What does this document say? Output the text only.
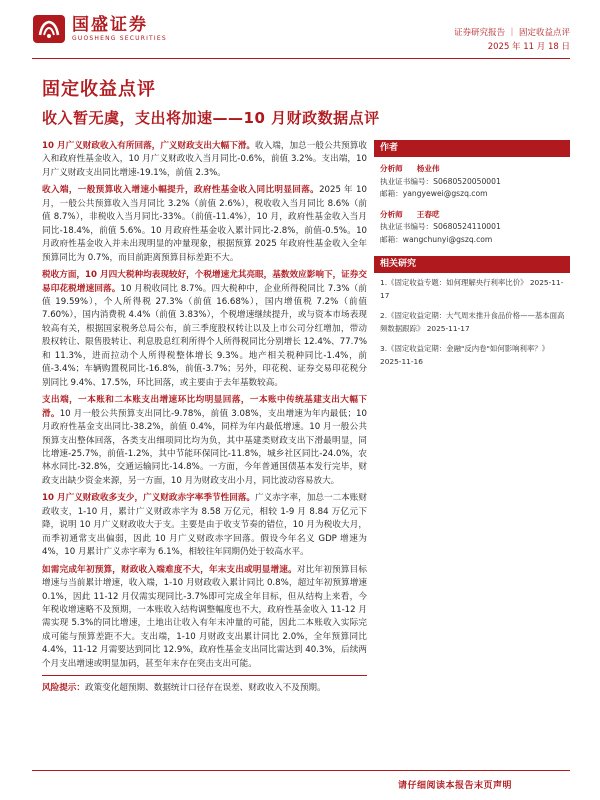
国盛证券
GUOSHENG SECURITIES	证券研究报告 ｜ 固定收益点评
2025 年 11 月 18 日
固定收益点评
收入暂无虞，支出将加速——10 月财政数据点评

10 月广义财政收入有所回落，广义财政支出大幅下滑。收入端，加总一般公共预算收入和政府性基金收入，10 月广义财政收入当月同比-0.6%，前值 3.2%。支出端，10 月广义财政支出同比增速-19.1%，前值 2.3%。

收入端，一般预算收入增速小幅提升，政府性基金收入同比明显回落。2025 年 10 月，一般公共预算收入当月同比 3.2%（前值 2.6%），税收收入当月同比 8.6%（前值 8.7%），非税收入当月同比-33%。（前值-11.4%），10 月，政府性基金收入当月同比-18.4%，前值 5.6%。10 月政府性基金收入累计同比-2.8%，前值-0.5%。10 月政府性基金收入并未出现明显的冲量现象，根据预算 2025 年政府性基金收入全年预算同比为 0.7%，而目前距离预算目标差距不大。

税收方面，10 月四大税种均表现较好，个税增速尤其亮眼，基数效应影响下，证券交易印花税增速回落。10 月税收同比 8.7%。四大税种中，企业所得税同比 7.3%（前值 19.59%），个人所得税 27.3%（前值 16.68%），国内增值税 7.2%（前值 7.60%），国内消费税 4.4%（前值 3.83%），个税增速继续提升，或与资本市场表现较高有关，根据国家税务总局公布，前三季度股权转让以及上市公司分红增加，带动股权转让、限售股转让、利息股息红利所得个人所得税同比分别增长 12.4%、77.7%和 11.3%，进而拉动个人所得税整体增长 9.3%。地产相关税种同比-1.4%，前值-3.4%；车辆购置税同比-16.8%，前值-3.7%；另外，印花税、证券交易印花税分别同比 9.4%、17.5%，环比回落，或主要由于去年基数较高。

支出端，一本账和二本账支出增速环比均明显回落，一本账中传统基建支出大幅下滑。10 月一般公共预算支出同比-9.78%，前值 3.08%，支出增速为年内最低；10 月政府性基金支出同比-38.2%，前值 0.4%，同样为年内最低增速。10 月一般公共预算支出整体回落，各类支出细项同比均为负，其中基建类财政支出下滑最明显，同比增速-25.7%，前值-1.2%，其中节能环保同比-11.8%，城乡社区同比-24.0%，农林水同比-32.8%，交通运输同比-14.8%。一方面，今年普通国债基本发行完毕，财政支出缺少资金来源，另一方面，10 月为财政支出小月，同比波动容易放大。

10 月广义财政收多支少，广义财政赤字率季节性回落。广义赤字率，加总一二本账财政收支，1-10 月，累计广义财政赤字为 8.58 万亿元，相较 1-9 月 8.84 万亿元下降，说明 10 月广义财政收大于支。主要是由于收支节奏的错位，10 月为税收大月，而季初通常支出偏弱，因此 10 月广义财政赤字回落。假设今年名义 GDP 增速为 4%，10 月累计广义赤字率为 6.1%，相较往年同期仍处于较高水平。

如需完成年初预算，财政收入端难度不大，年末支出或明显增速。对比年初预算目标增速与当前累计增速，收入端，1-10 月财政收入累计同比 0.8%，超过年初预算增速 0.1%，因此 11-12 月仅需实现同比-3.7%即可完成全年目标，但从结构上来看，今年税收增速略不及预期，一本账收入结构调整幅度也不大，政府性基金收入 11-12 月需实现 5.3%的同比增速，土地出让收入有年末冲量的可能，因此二本账收入实际完成可能与预算差距不大。支出端，1-10 月财政支出累计同比 2.0%，全年预算同比 4.4%，11-12 月需要达到同比 12.9%，政府性基金支出同比需达到 40.3%，后续两个月支出增速或明显加码，甚至年末存在突击支出可能。

风险提示：政策变化超预期、数据统计口径存在误差、财政收入不及预期。

作者
分析师 杨业伟
执业证书编号：S0680520050001
邮箱：yangyewei@gszq.com
分析师 王春呓
执业证书编号：S0680524110001
邮箱：wangchunyi@gszq.com
相关研究
1.《固定收益专题：如何理解央行利率比价》 2025-11-17
2.《固定收益定期：大气周末推升食品价格——基本面高频数据跟踪》 2025-11-17
3.《固定收益定期：金融"反内卷"如何影响利率？》 2025-11-16
请仔细阅读本报告末页声明
